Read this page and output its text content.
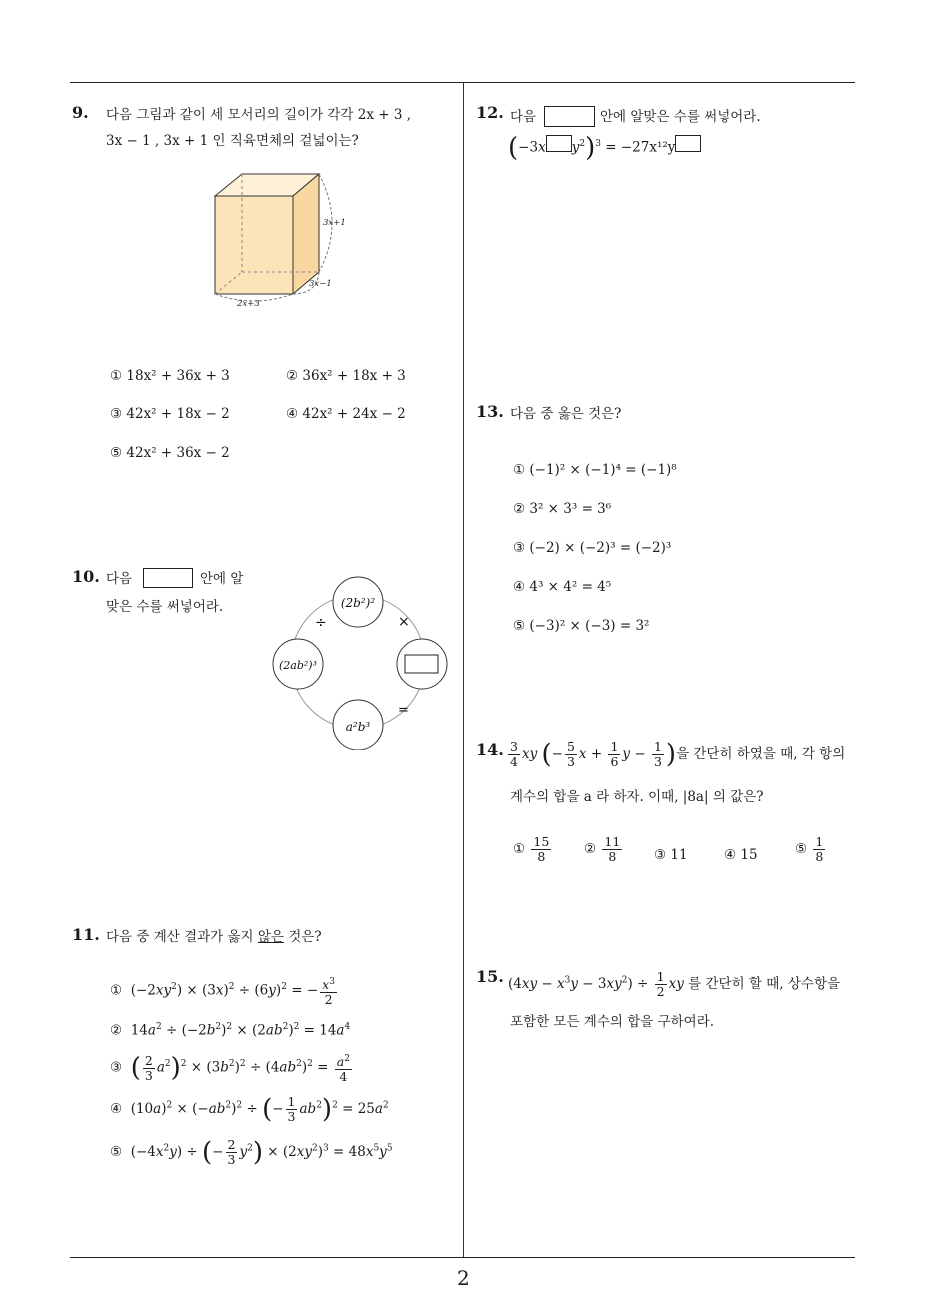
9. 다음 그림과 같이 세 모서리의 길이가 각각 2x + 3 ,
3x − 1 , 3x + 1 인 직육면체의 겉넓이는?
3x+1
3x−1
2x+3
① 18x² + 36x + 3	② 36x² + 18x + 3
③ 42x² + 18x − 2	④ 42x² + 24x − 2
⑤ 42x² + 36x − 2
10. 다음	안에 알
맞은 수를 써넣어라.	(2b²)²
(2ab²)³
a²b³
÷	×
=
11. 다음 중 계산 결과가 옳지 않은 것은?
①  $(-2xy^2) \times (3x)^2 \div (6y)^2$ = − $\frac{x^3}{2}$
②  $14a^2 \div (-2b^2)^2 \times (2ab^2)^2 = 14a^4$
③ ( $\frac{2}{3} a^2)^2 \times (3b^2)^2 \div (4ab^2)^2 = \frac{a^2}{4}$
④  $(10a)^2 \times (-ab^2)^2$ ÷ (− $\frac{1}{3} ab^2)^2 = 25a^2$
⑤  $(-4x^2y)$ ÷ (− $\frac{2}{3} y^2) \times (2xy^2)^3 = 48x^5y^5$
12. 다음	안에 알맞은 수를 써넣어라.
(−3x $y^2)^3 = -27x^{12}y$
13. 다음 중 옳은 것은?
① (−1)² × (−1)⁴ = (−1)⁸
② 3² × 3³ = 3⁶
③ (−2) × (−2)³ = (−2)³
④ 4³ × 4² = 4⁵
⑤ (−3)² × (−3) = 3²
14. $\frac{3}{4}$ xy (− $\frac{5}{3}$ $x + \frac{1}{6}$ $y - \frac{1}{3}$ )을 간단히 하였을 때, 각 항의
계수의 합을 a 라 하자. 이때, |8a| 의 값은?
① $\frac{15}{8}$ ② $\frac{11}{8}$ ③ 11	④ 15	⑤ $\frac{1}{8}$
15. $(4xy - x^3y - 3xy^2) \div \frac{1}{2}$ xy 를 간단히 할 때, 상수항을
포함한 모든 계수의 합을 구하여라.
2
